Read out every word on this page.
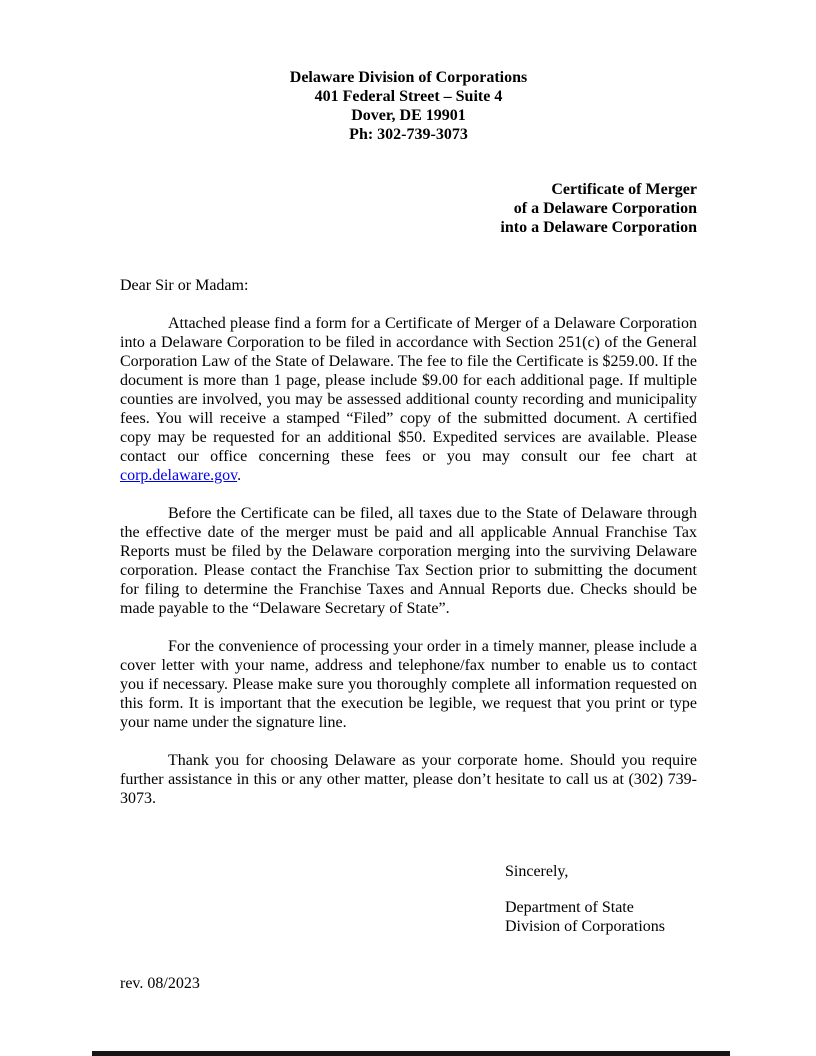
Delaware Division of Corporations
401 Federal Street – Suite 4
Dover, DE 19901
Ph: 302-739-3073
Certificate of Merger
of a Delaware Corporation
into a Delaware Corporation

Dear Sir or Madam:

Attached please find a form for a Certificate of Merger of a Delaware Corporation into a Delaware Corporation to be filed in accordance with Section 251(c) of the General Corporation Law of the State of Delaware. The fee to file the Certificate is $259.00. If the document is more than 1 page, please include $9.00 for each additional page. If multiple counties are involved, you may be assessed additional county recording and municipality fees. You will receive a stamped “Filed” copy of the submitted document. A certified copy may be requested for an additional $50. Expedited services are available. Please contact our office concerning these fees or you may consult our fee chart at corp.delaware.gov.

Before the Certificate can be filed, all taxes due to the State of Delaware through the effective date of the merger must be paid and all applicable Annual Franchise Tax Reports must be filed by the Delaware corporation merging into the surviving Delaware corporation. Please contact the Franchise Tax Section prior to submitting the document for filing to determine the Franchise Taxes and Annual Reports due. Checks should be made payable to the “Delaware Secretary of State”.

For the convenience of processing your order in a timely manner, please include a cover letter with your name, address and telephone/fax number to enable us to contact you if necessary. Please make sure you thoroughly complete all information requested on this form. It is important that the execution be legible, we request that you print or type your name under the signature line.

Thank you for choosing Delaware as your corporate home. Should you require further assistance in this or any other matter, please don’t hesitate to call us at (302) 739-3073.

Sincerely,
Department of State
Division of Corporations
rev. 08/2023
